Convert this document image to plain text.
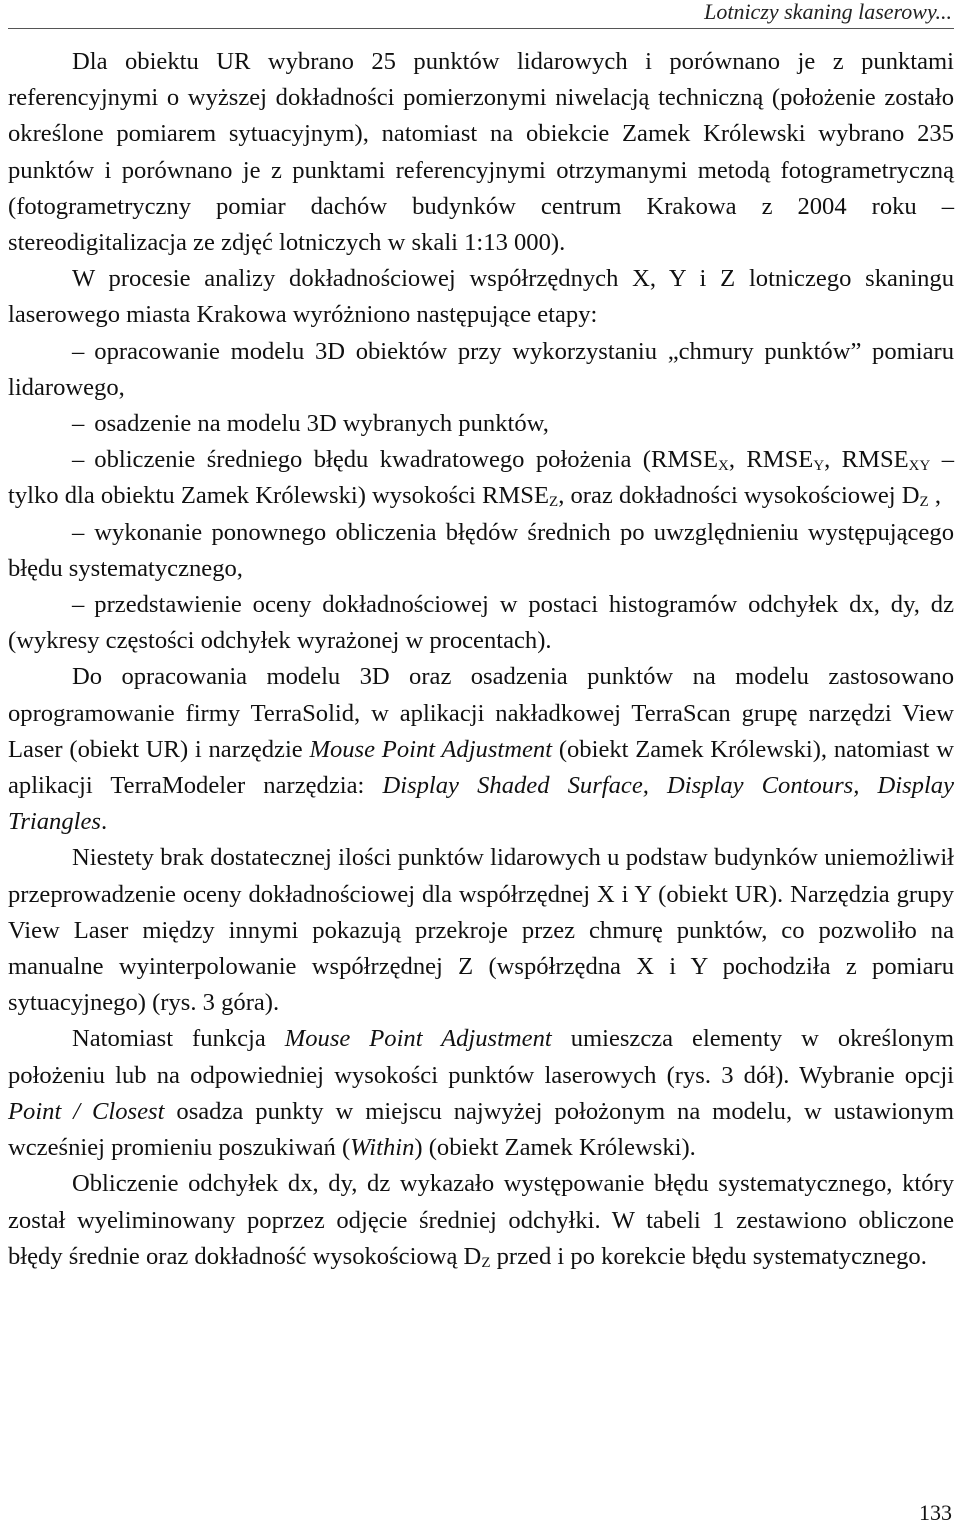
Lotniczy skaning laserowy...

Dla obiektu UR wybrano 25 punktów lidarowych i porównano je z punktami referencyjnymi o wyższej dokładności pomierzonymi niwelacją techniczną (położenie zostało określone pomiarem sytuacyjnym), natomiast na obiekcie Zamek Królewski wybrano 235 punktów i porównano je z punktami referencyjnymi otrzymanymi metodą fotogrametryczną (fotogrametryczny pomiar dachów budynków centrum Krakowa z 2004 roku – stereodigitalizacja ze zdjęć lotniczych w skali 1:13 000).

W procesie analizy dokładnościowej współrzędnych X, Y i Z lotniczego skaningu laserowego miasta Krakowa wyróżniono następujące etapy:

– opracowanie modelu 3D obiektów przy wykorzystaniu „chmury punktów” pomiaru lidarowego,

– osadzenie na modelu 3D wybranych punktów,

– obliczenie średniego błędu kwadratowego położenia ($RMSE_X$, $RMSE_Y$, $RMSE_{XY}$ – tylko dla obiektu Zamek Królewski) wysokości $RMSE_Z$, oraz dokładności wysokościowej $D_Z$ ,

– wykonanie ponownego obliczenia błędów średnich po uwzględnieniu występującego błędu systematycznego,

– przedstawienie oceny dokładnościowej w postaci histogramów odchyłek dx, dy, dz (wykresy częstości odchyłek wyrażonej w procentach).

Do opracowania modelu 3D oraz osadzenia punktów na modelu zastosowano oprogramowanie firmy TerraSolid, w aplikacji nakładkowej TerraScan grupę narzędzi View Laser (obiekt UR) i narzędzie Mouse Point Adjustment (obiekt Zamek Królewski), natomiast w aplikacji TerraModeler narzędzia: Display Shaded Surface, Display Contours, Display Triangles.

Niestety brak dostatecznej ilości punktów lidarowych u podstaw budynków uniemożliwił przeprowadzenie oceny dokładnościowej dla współrzędnej X i Y (obiekt UR). Narzędzia grupy View Laser między innymi pokazują przekroje przez chmurę punktów, co pozwoliło na manualne wyinterpolowanie współrzędnej Z (współrzędna X i Y pochodziła z pomiaru sytuacyjnego) (rys. 3 góra).

Natomiast funkcja Mouse Point Adjustment umieszcza elementy w określonym położeniu lub na odpowiedniej wysokości punktów laserowych (rys. 3 dół). Wybranie opcji Point / Closest osadza punkty w miejscu najwyżej położonym na modelu, w ustawionym wcześniej promieniu poszukiwań (Within) (obiekt Zamek Królewski).

Obliczenie odchyłek dx, dy, dz wykazało występowanie błędu systematycznego, który został wyeliminowany poprzez odjęcie średniej odchyłki. W tabeli 1 zestawiono obliczone błędy średnie oraz dokładność wysokościową $D_Z$ przed i po korekcie błędu systematycznego.

133
